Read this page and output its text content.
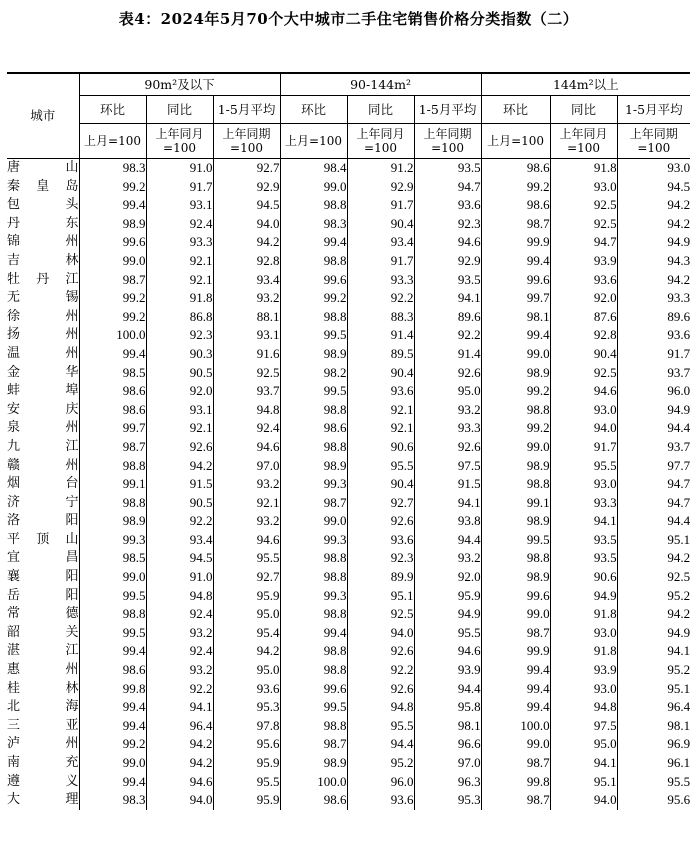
表4：2024年5月70个大中城市二手住宅销售价格分类指数（二）
城市	90m²及以下			90-144m²			144m²以上		
	环比	同比	1-5月平均	环比	同比	1-5月平均	环比	同比	1-5月平均
	上月=100	上年同月=100	上年同期=100	上月=100	上年同月=100	上年同期=100	上月=100	上年同月=100	上年同期=100
唐山	98.3	91.0	92.7	98.4	91.2	93.5	98.6	91.8	93.0
秦皇岛	99.2	91.7	92.9	99.0	92.9	94.7	99.2	93.0	94.5
包头	99.4	93.1	94.5	98.8	91.7	93.6	98.6	92.5	94.2
丹东	98.9	92.4	94.0	98.3	90.4	92.3	98.7	92.5	94.2
锦州	99.6	93.3	94.2	99.4	93.4	94.6	99.9	94.7	94.9
吉林	99.0	92.1	92.8	98.8	91.7	92.9	99.4	93.9	94.3
牡丹江	98.7	92.1	93.4	99.6	93.3	93.5	99.6	93.6	94.2
无锡	99.2	91.8	93.2	99.2	92.2	94.1	99.7	92.0	93.3
徐州	99.2	86.8	88.1	98.8	88.3	89.6	98.1	87.6	89.6
扬州	100.0	92.3	93.1	99.5	91.4	92.2	99.4	92.8	93.6
温州	99.4	90.3	91.6	98.9	89.5	91.4	99.0	90.4	91.7
金华	98.5	90.5	92.5	98.2	90.4	92.6	98.9	92.5	93.7
蚌埠	98.6	92.0	93.7	99.5	93.6	95.0	99.2	94.6	96.0
安庆	98.6	93.1	94.8	98.8	92.1	93.2	98.8	93.0	94.9
泉州	99.7	92.1	92.4	98.6	92.1	93.3	99.2	94.0	94.4
九江	98.7	92.6	94.6	98.8	90.6	92.6	99.0	91.7	93.7
赣州	98.8	94.2	97.0	98.9	95.5	97.5	98.9	95.5	97.7
烟台	99.1	91.5	93.2	99.3	90.4	91.5	98.8	93.0	94.7
济宁	98.8	90.5	92.1	98.7	92.7	94.1	99.1	93.3	94.7
洛阳	98.9	92.2	93.2	99.0	92.6	93.8	98.9	94.1	94.4
平顶山	99.3	93.4	94.6	99.3	93.6	94.4	99.5	93.5	95.1
宜昌	98.5	94.5	95.5	98.8	92.3	93.2	98.8	93.5	94.2
襄阳	99.0	91.0	92.7	98.8	89.9	92.0	98.9	90.6	92.5
岳阳	99.5	94.8	95.9	99.3	95.1	95.9	99.6	94.9	95.2
常德	98.8	92.4	95.0	98.8	92.5	94.9	99.0	91.8	94.2
韶关	99.5	93.2	95.4	99.4	94.0	95.5	98.7	93.0	94.9
湛江	99.4	92.4	94.2	98.8	92.6	94.6	99.9	91.8	94.1
惠州	98.6	93.2	95.0	98.8	92.2	93.9	99.4	93.9	95.2
桂林	99.8	92.2	93.6	99.6	92.6	94.4	99.4	93.0	95.1
北海	99.4	94.1	95.3	99.5	94.8	95.8	99.4	94.8	96.4
三亚	99.4	96.4	97.8	98.8	95.5	98.1	100.0	97.5	98.1
泸州	99.2	94.2	95.6	98.7	94.4	96.6	99.0	95.0	96.9
南充	99.0	94.2	95.9	98.9	95.2	97.0	98.7	94.1	96.1
遵义	99.4	94.6	95.5	100.0	96.0	96.3	99.8	95.1	95.5
大理	98.3	94.0	95.9	98.6	93.6	95.3	98.7	94.0	95.6
